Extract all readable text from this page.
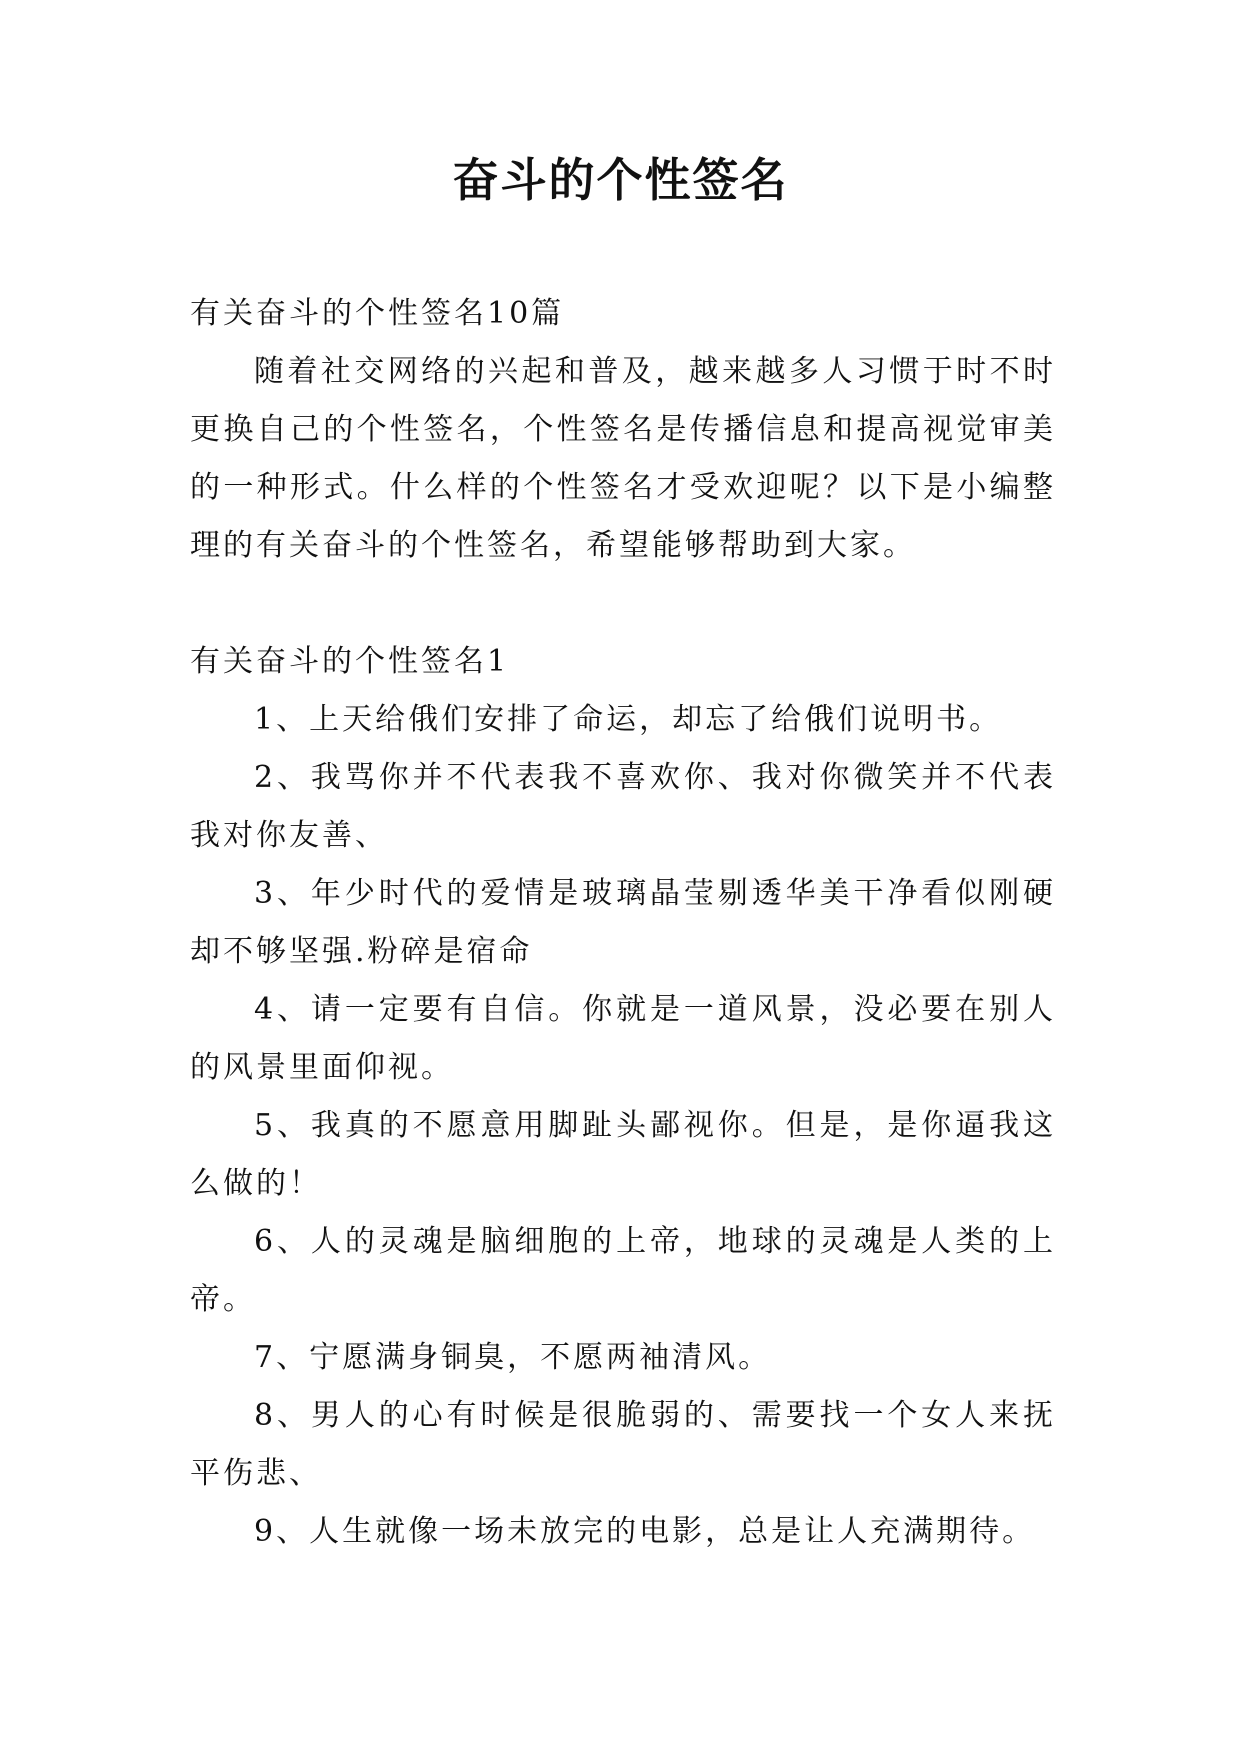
奋斗的个性签名

有关奋斗的个性签名10篇

随着社交网络的兴起和普及，越来越多人习惯于时不时更换自己的个性签名，个性签名是传播信息和提高视觉审美的一种形式。什么样的个性签名才受欢迎呢？以下是小编整理的有关奋斗的个性签名，希望能够帮助到大家。

有关奋斗的个性签名1

1、上天给俄们安排了命运，却忘了给俄们说明书。

2、我骂你并不代表我不喜欢你、我对你微笑并不代表我对你友善、

3、年少时代的爱情是玻璃晶莹剔透华美干净看似刚硬却不够坚强.粉碎是宿命

4、请一定要有自信。你就是一道风景，没必要在别人的风景里面仰视。

5、我真的不愿意用脚趾头鄙视你。但是，是你逼我这么做的！

6、人的灵魂是脑细胞的上帝，地球的灵魂是人类的上帝。

7、宁愿满身铜臭，不愿两袖清风。

8、男人的心有时候是很脆弱的、需要找一个女人来抚平伤悲、

9、人生就像一场未放完的电影，总是让人充满期待。
